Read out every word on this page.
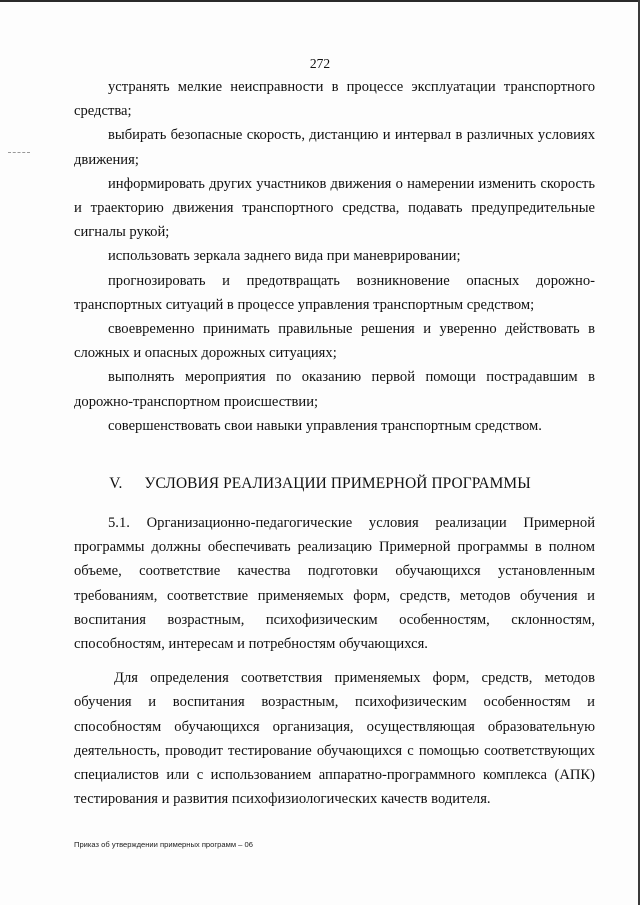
272

устранять мелкие неисправности в процессе эксплуатации транспортного средства;

выбирать безопасные скорость, дистанцию и интервал в различных условиях движения;

информировать других участников движения о намерении изменить скорость и траекторию движения транспортного средства, подавать предупредительные сигналы рукой;

использовать зеркала заднего вида при маневрировании;

прогнозировать и предотвращать возникновение опасных дорожно-транспортных ситуаций в процессе управления транспортным средством;

своевременно принимать правильные решения и уверенно действовать в сложных и опасных дорожных ситуациях;

выполнять мероприятия по оказанию первой помощи пострадавшим в дорожно-транспортном происшествии;

совершенствовать свои навыки управления транспортным средством.

V. УСЛОВИЯ РЕАЛИЗАЦИИ ПРИМЕРНОЙ ПРОГРАММЫ

5.1. Организационно-педагогические условия реализации Примерной программы должны обеспечивать реализацию Примерной программы в полном объеме, соответствие качества подготовки обучающихся установленным требованиям, соответствие применяемых форм, средств, методов обучения и воспитания возрастным, психофизическим особенностям, склонностям, способностям, интересам и потребностям обучающихся.

Для определения соответствия применяемых форм, средств, методов обучения и воспитания возрастным, психофизическим особенностям и способностям обучающихся организация, осуществляющая образовательную деятельность, проводит тестирование обучающихся с помощью соответствующих специалистов или с использованием аппаратно-программного комплекса (АПК) тестирования и развития психофизиологических качеств водителя.

Приказ об утверждении примерных программ – 06
